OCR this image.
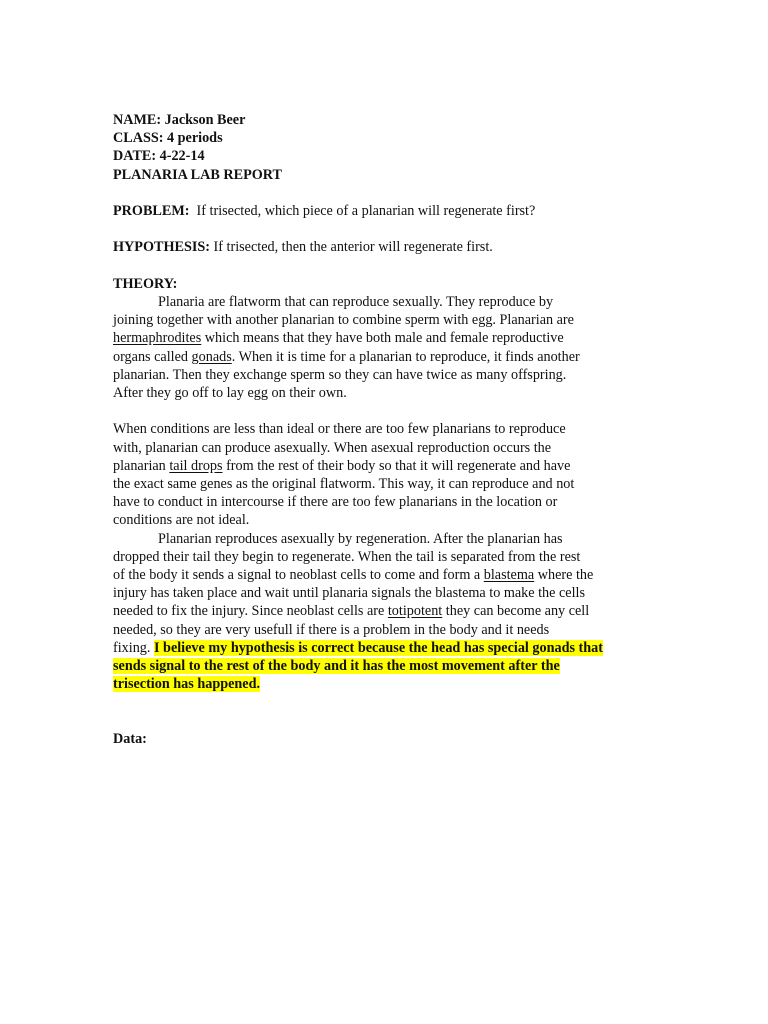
NAME: Jackson Beer
CLASS: 4 periods
DATE: 4-22-14
PLANARIA LAB REPORT
PROBLEM: If trisected, which piece of a planarian will regenerate first?
HYPOTHESIS: If trisected, then the anterior will regenerate first.
THEORY:
Planaria are flatworm that can reproduce sexually. They reproduce by
joining together with another planarian to combine sperm with egg. Planarian are
hermaphrodites which means that they have both male and female reproductive
organs called gonads. When it is time for a planarian to reproduce, it finds another
planarian. Then they exchange sperm so they can have twice as many offspring.
After they go off to lay egg on their own.
When conditions are less than ideal or there are too few planarians to reproduce
with, planarian can produce asexually. When asexual reproduction occurs the
planarian tail drops from the rest of their body so that it will regenerate and have
the exact same genes as the original flatworm. This way, it can reproduce and not
have to conduct in intercourse if there are too few planarians in the location or
conditions are not ideal.
Planarian reproduces asexually by regeneration. After the planarian has
dropped their tail they begin to regenerate. When the tail is separated from the rest
of the body it sends a signal to neoblast cells to come and form a blastema where the
injury has taken place and wait until planaria signals the blastema to make the cells
needed to fix the injury. Since neoblast cells are totipotent they can become any cell
needed, so they are very usefull if there is a problem in the body and it needs
fixing. I believe my hypothesis is correct because the head has special gonads that
sends signal to the rest of the body and it has the most movement after the
trisection has happened.
Data:
